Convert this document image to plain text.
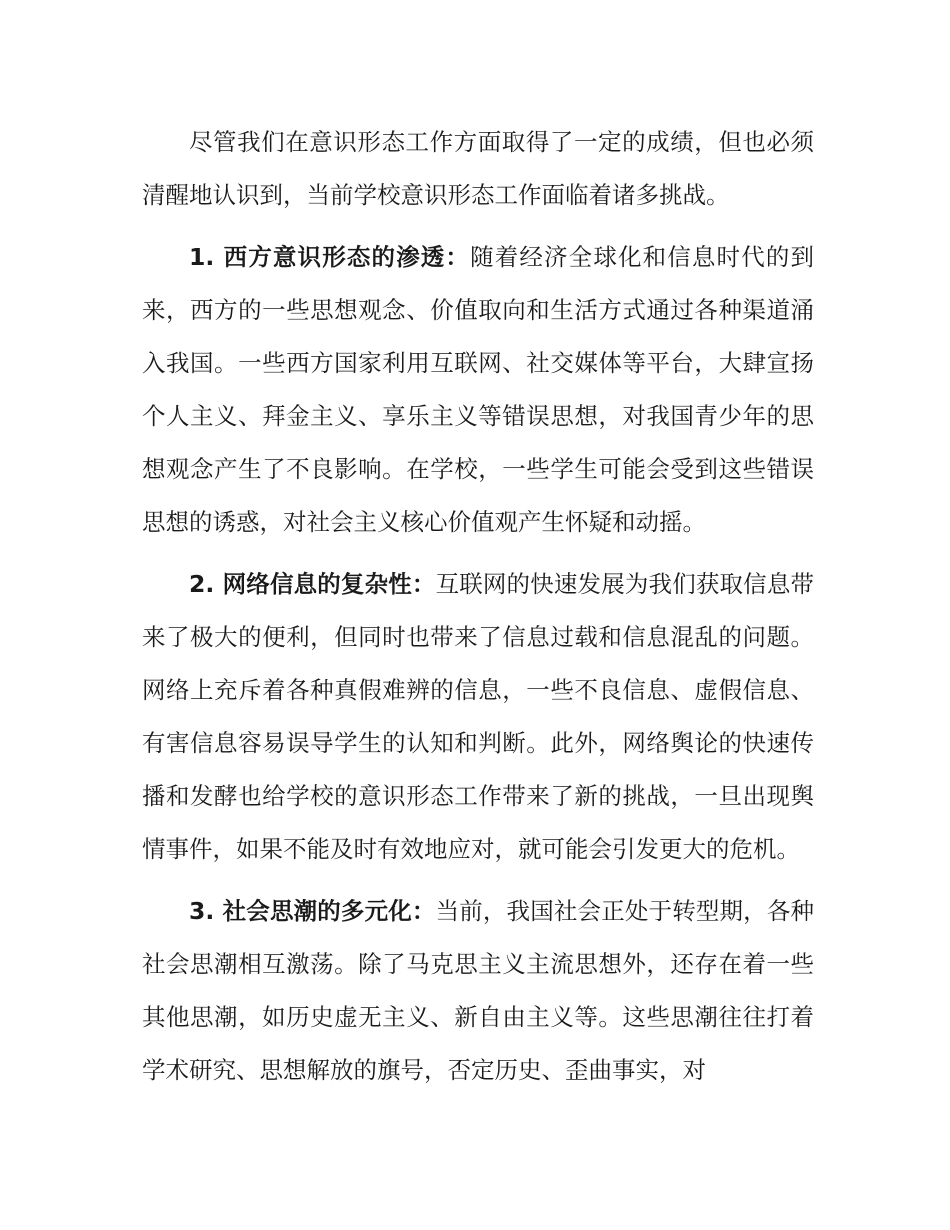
尽管我们在意识形态工作方面取得了一定的成绩，但也必须清醒地认识到，当前学校意识形态工作面临着诸多挑战。

1. 西方意识形态的渗透：随着经济全球化和信息时代的到来，西方的一些思想观念、价值取向和生活方式通过各种渠道涌入我国。一些西方国家利用互联网、社交媒体等平台，大肆宣扬个人主义、拜金主义、享乐主义等错误思想，对我国青少年的思想观念产生了不良影响。在学校，一些学生可能会受到这些错误思想的诱惑，对社会主义核心价值观产生怀疑和动摇。

2. 网络信息的复杂性：互联网的快速发展为我们获取信息带来了极大的便利，但同时也带来了信息过载和信息混乱的问题。网络上充斥着各种真假难辨的信息，一些不良信息、虚假信息、有害信息容易误导学生的认知和判断。此外，网络舆论的快速传播和发酵也给学校的意识形态工作带来了新的挑战，一旦出现舆情事件，如果不能及时有效地应对，就可能会引发更大的危机。

3. 社会思潮的多元化：当前，我国社会正处于转型期，各种社会思潮相互激荡。除了马克思主义主流思想外，还存在着一些其他思潮，如历史虚无主义、新自由主义等。这些思潮往往打着学术研究、思想解放的旗号，否定历史、歪曲事实，对
